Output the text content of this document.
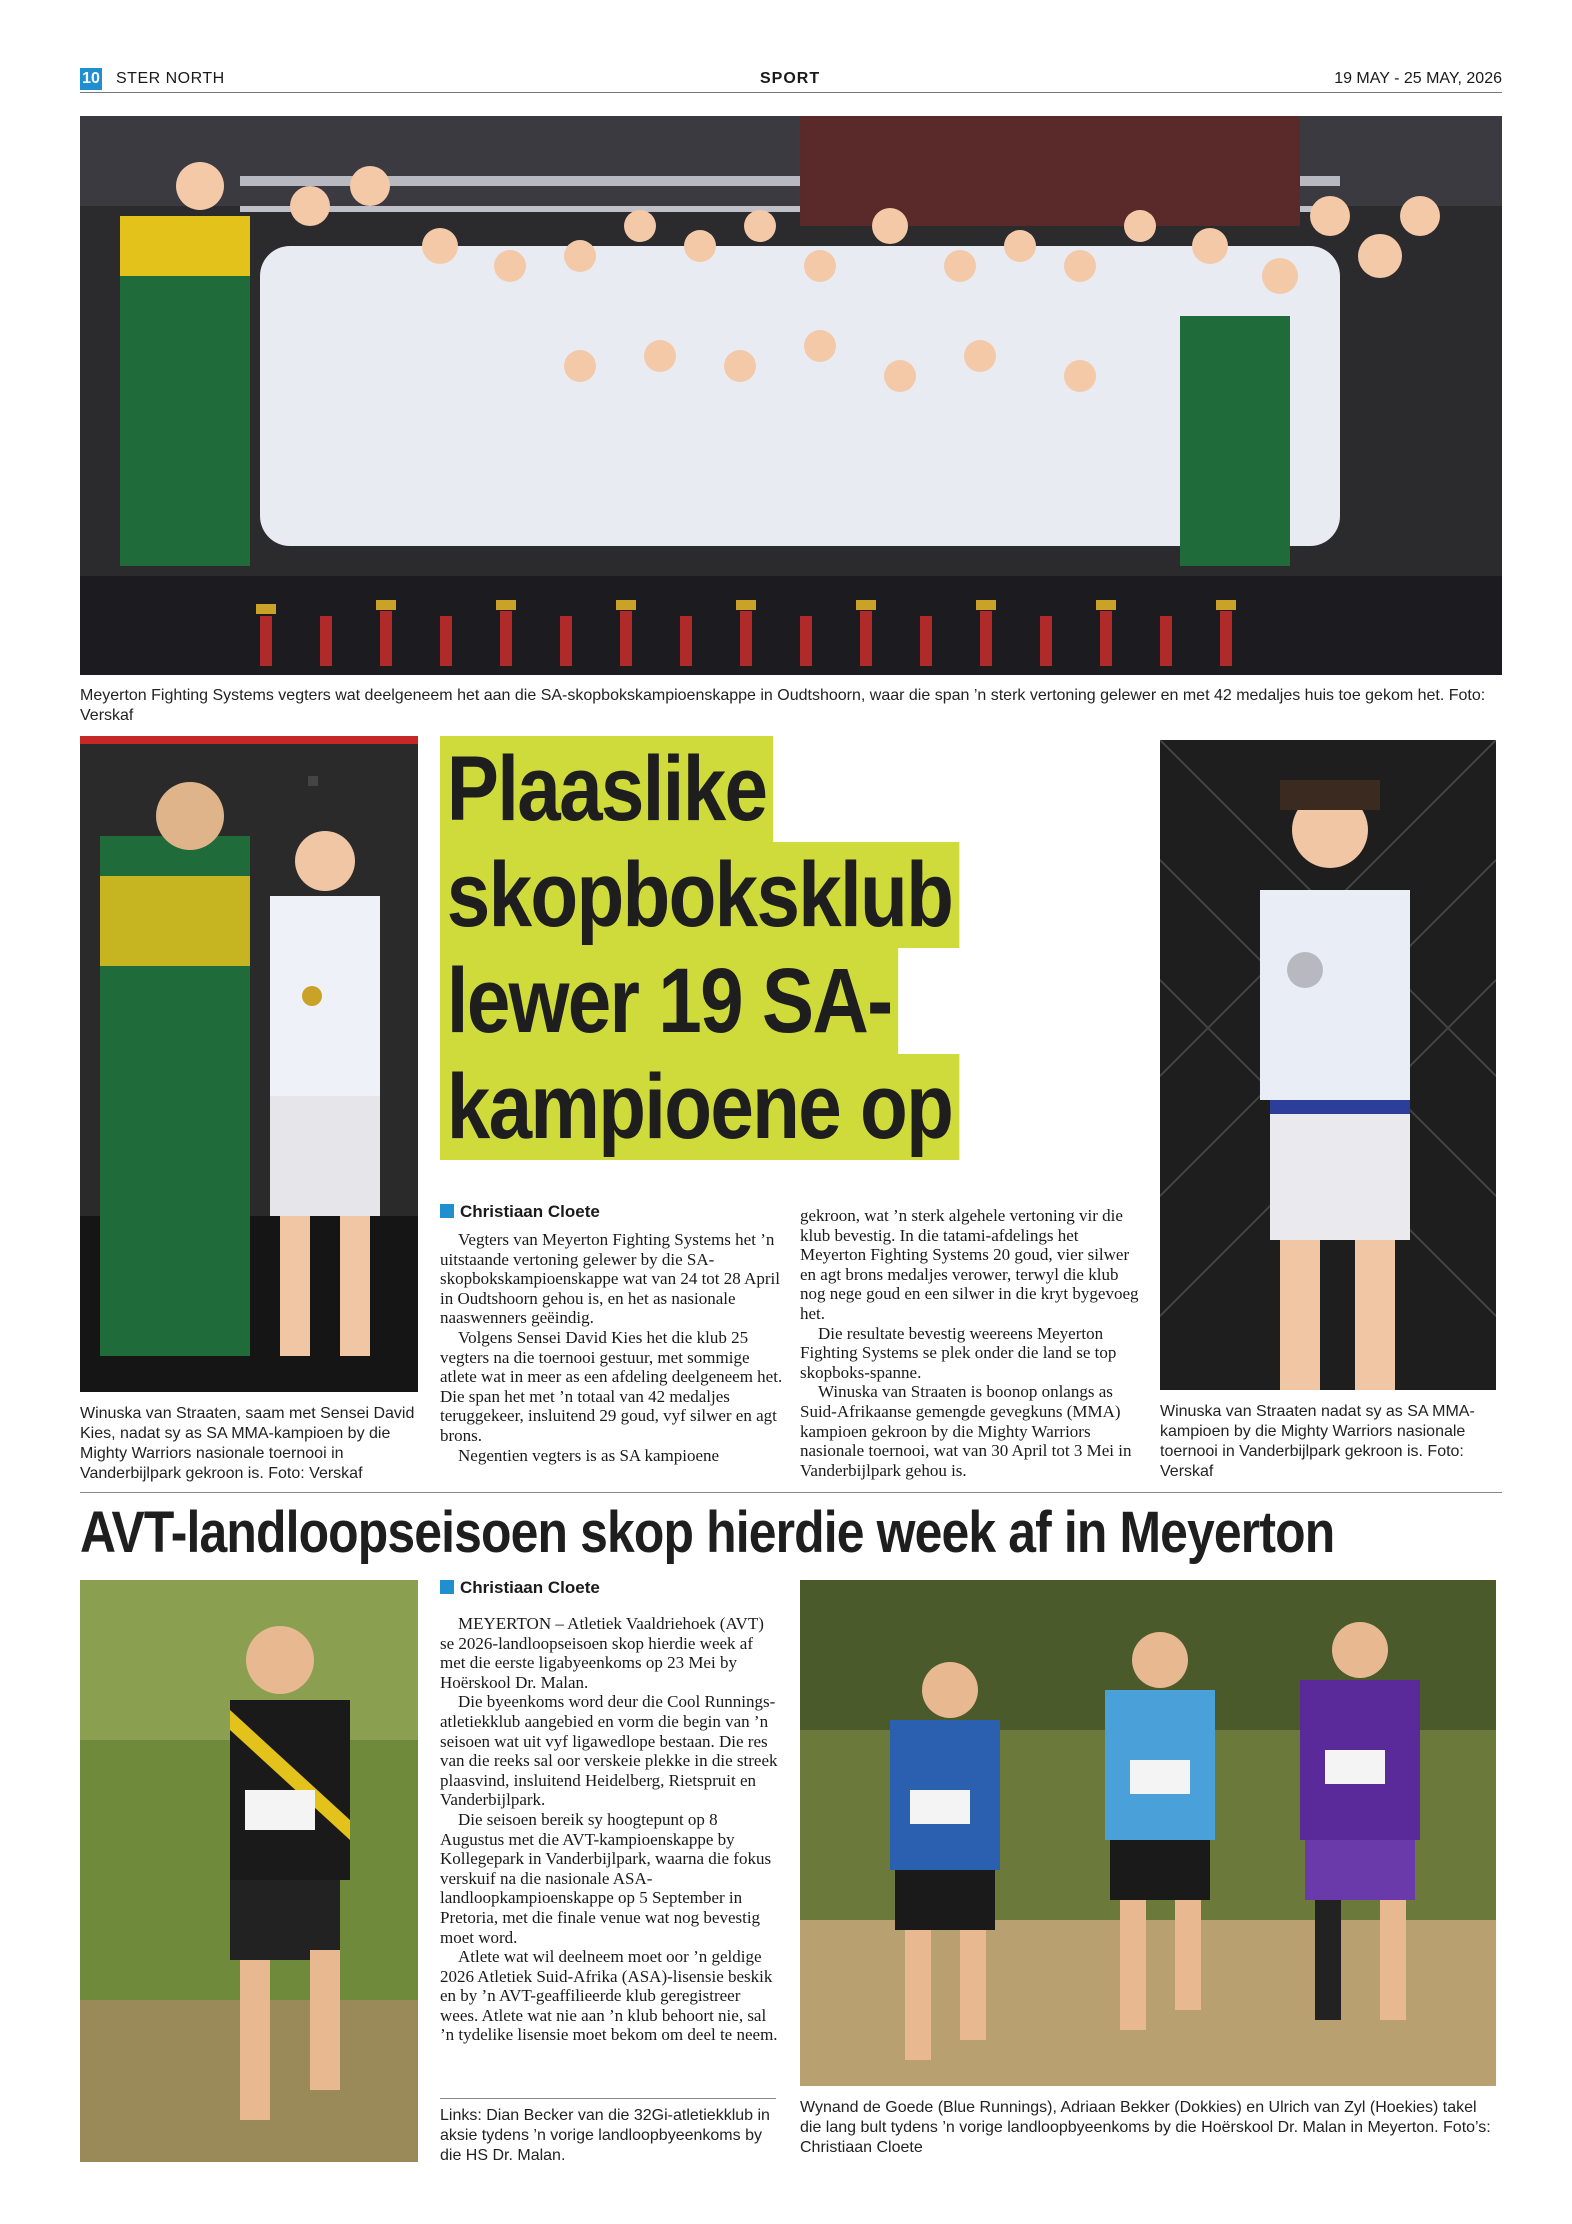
10 STER NORTH	SPORT	19 MAY - 25 MAY, 2026
Meyerton Fighting Systems vegters wat deelgeneem het aan die SA-skopbokskampioenskappe in Oudtshoorn, waar die span ’n sterk vertoning gelewer en met 42 medaljes huis toe gekom het. Foto: Verskaf
Winuska van Straaten, saam met Sensei David Kies, nadat sy as SA MMA-kampioen by die Mighty Warriors nasionale toernooi in Vanderbijlpark gekroon is. Foto: Verskaf
Plaaslike
skopboksklub
lewer 19 SA-
kampioene op
Christiaan Cloete

Vegters van Meyerton Fighting Systems het ’n uitstaande vertoning gelewer by die SA-skopbokskampioenskappe wat van 24 tot 28 April in Oudtshoorn gehou is, en het as nasionale naaswenners geëindig.

Volgens Sensei David Kies het die klub 25 vegters na die toernooi gestuur, met sommige atlete wat in meer as een afdeling deelgeneem het. Die span het met ’n totaal van 42 medaljes teruggekeer, insluitend 29 goud, vyf silwer en agt brons.

Negentien vegters is as SA kampioene

gekroon, wat ’n sterk algehele vertoning vir die klub bevestig. In die tatami-afdelings het Meyerton Fighting Systems 20 goud, vier silwer en agt brons medaljes verower, terwyl die klub nog nege goud en een silwer in die kryt bygevoeg het.

Die resultate bevestig weereens Meyerton Fighting Systems se plek onder die land se top skopboks-spanne.

Winuska van Straaten is boonop onlangs as Suid-Afrikaanse gemengde gevegkuns (MMA) kampioen gekroon by die Mighty Warriors nasionale toernooi, wat van 30 April tot 3 Mei in Vanderbijlpark gehou is.

Winuska van Straaten nadat sy as SA MMA-kampioen by die Mighty Warriors nasionale toernooi in Vanderbijlpark gekroon is. Foto: Verskaf
AVT-landloopseisoen skop hierdie week af in Meyerton
Christiaan Cloete

MEYERTON – Atletiek Vaaldriehoek (AVT) se 2026-landloopseisoen skop hierdie week af met die eerste ligabyeenkoms op 23 Mei by Hoërskool Dr. Malan.

Die byeenkoms word deur die Cool Runnings-atletiekklub aangebied en vorm die begin van ’n seisoen wat uit vyf ligawedlope bestaan. Die res van die reeks sal oor verskeie plekke in die streek plaasvind, insluitend Heidelberg, Rietspruit en Vanderbijlpark.

Die seisoen bereik sy hoogtepunt op 8 Augustus met die AVT-kampioenskappe by Kollegepark in Vanderbijlpark, waarna die fokus verskuif na die nasionale ASA-landloopkampioenskappe op 5 September in Pretoria, met die finale venue wat nog bevestig moet word.

Atlete wat wil deelneem moet oor ’n geldige 2026 Atletiek Suid-Afrika (ASA)-lisensie beskik en by ’n AVT-geaffilieerde klub geregistreer wees. Atlete wat nie aan ’n klub behoort nie, sal ’n tydelike lisensie moet bekom om deel te neem.

Links: Dian Becker van die 32Gi-atletiekklub in aksie tydens ’n vorige landloopbyeenkoms by die HS Dr. Malan.
Wynand de Goede (Blue Runnings), Adriaan Bekker (Dokkies) en Ulrich van Zyl (Hoekies) takel die lang bult tydens ’n vorige landloopbyeenkoms by die Hoërskool Dr. Malan in Meyerton. Foto’s: Christiaan Cloete
